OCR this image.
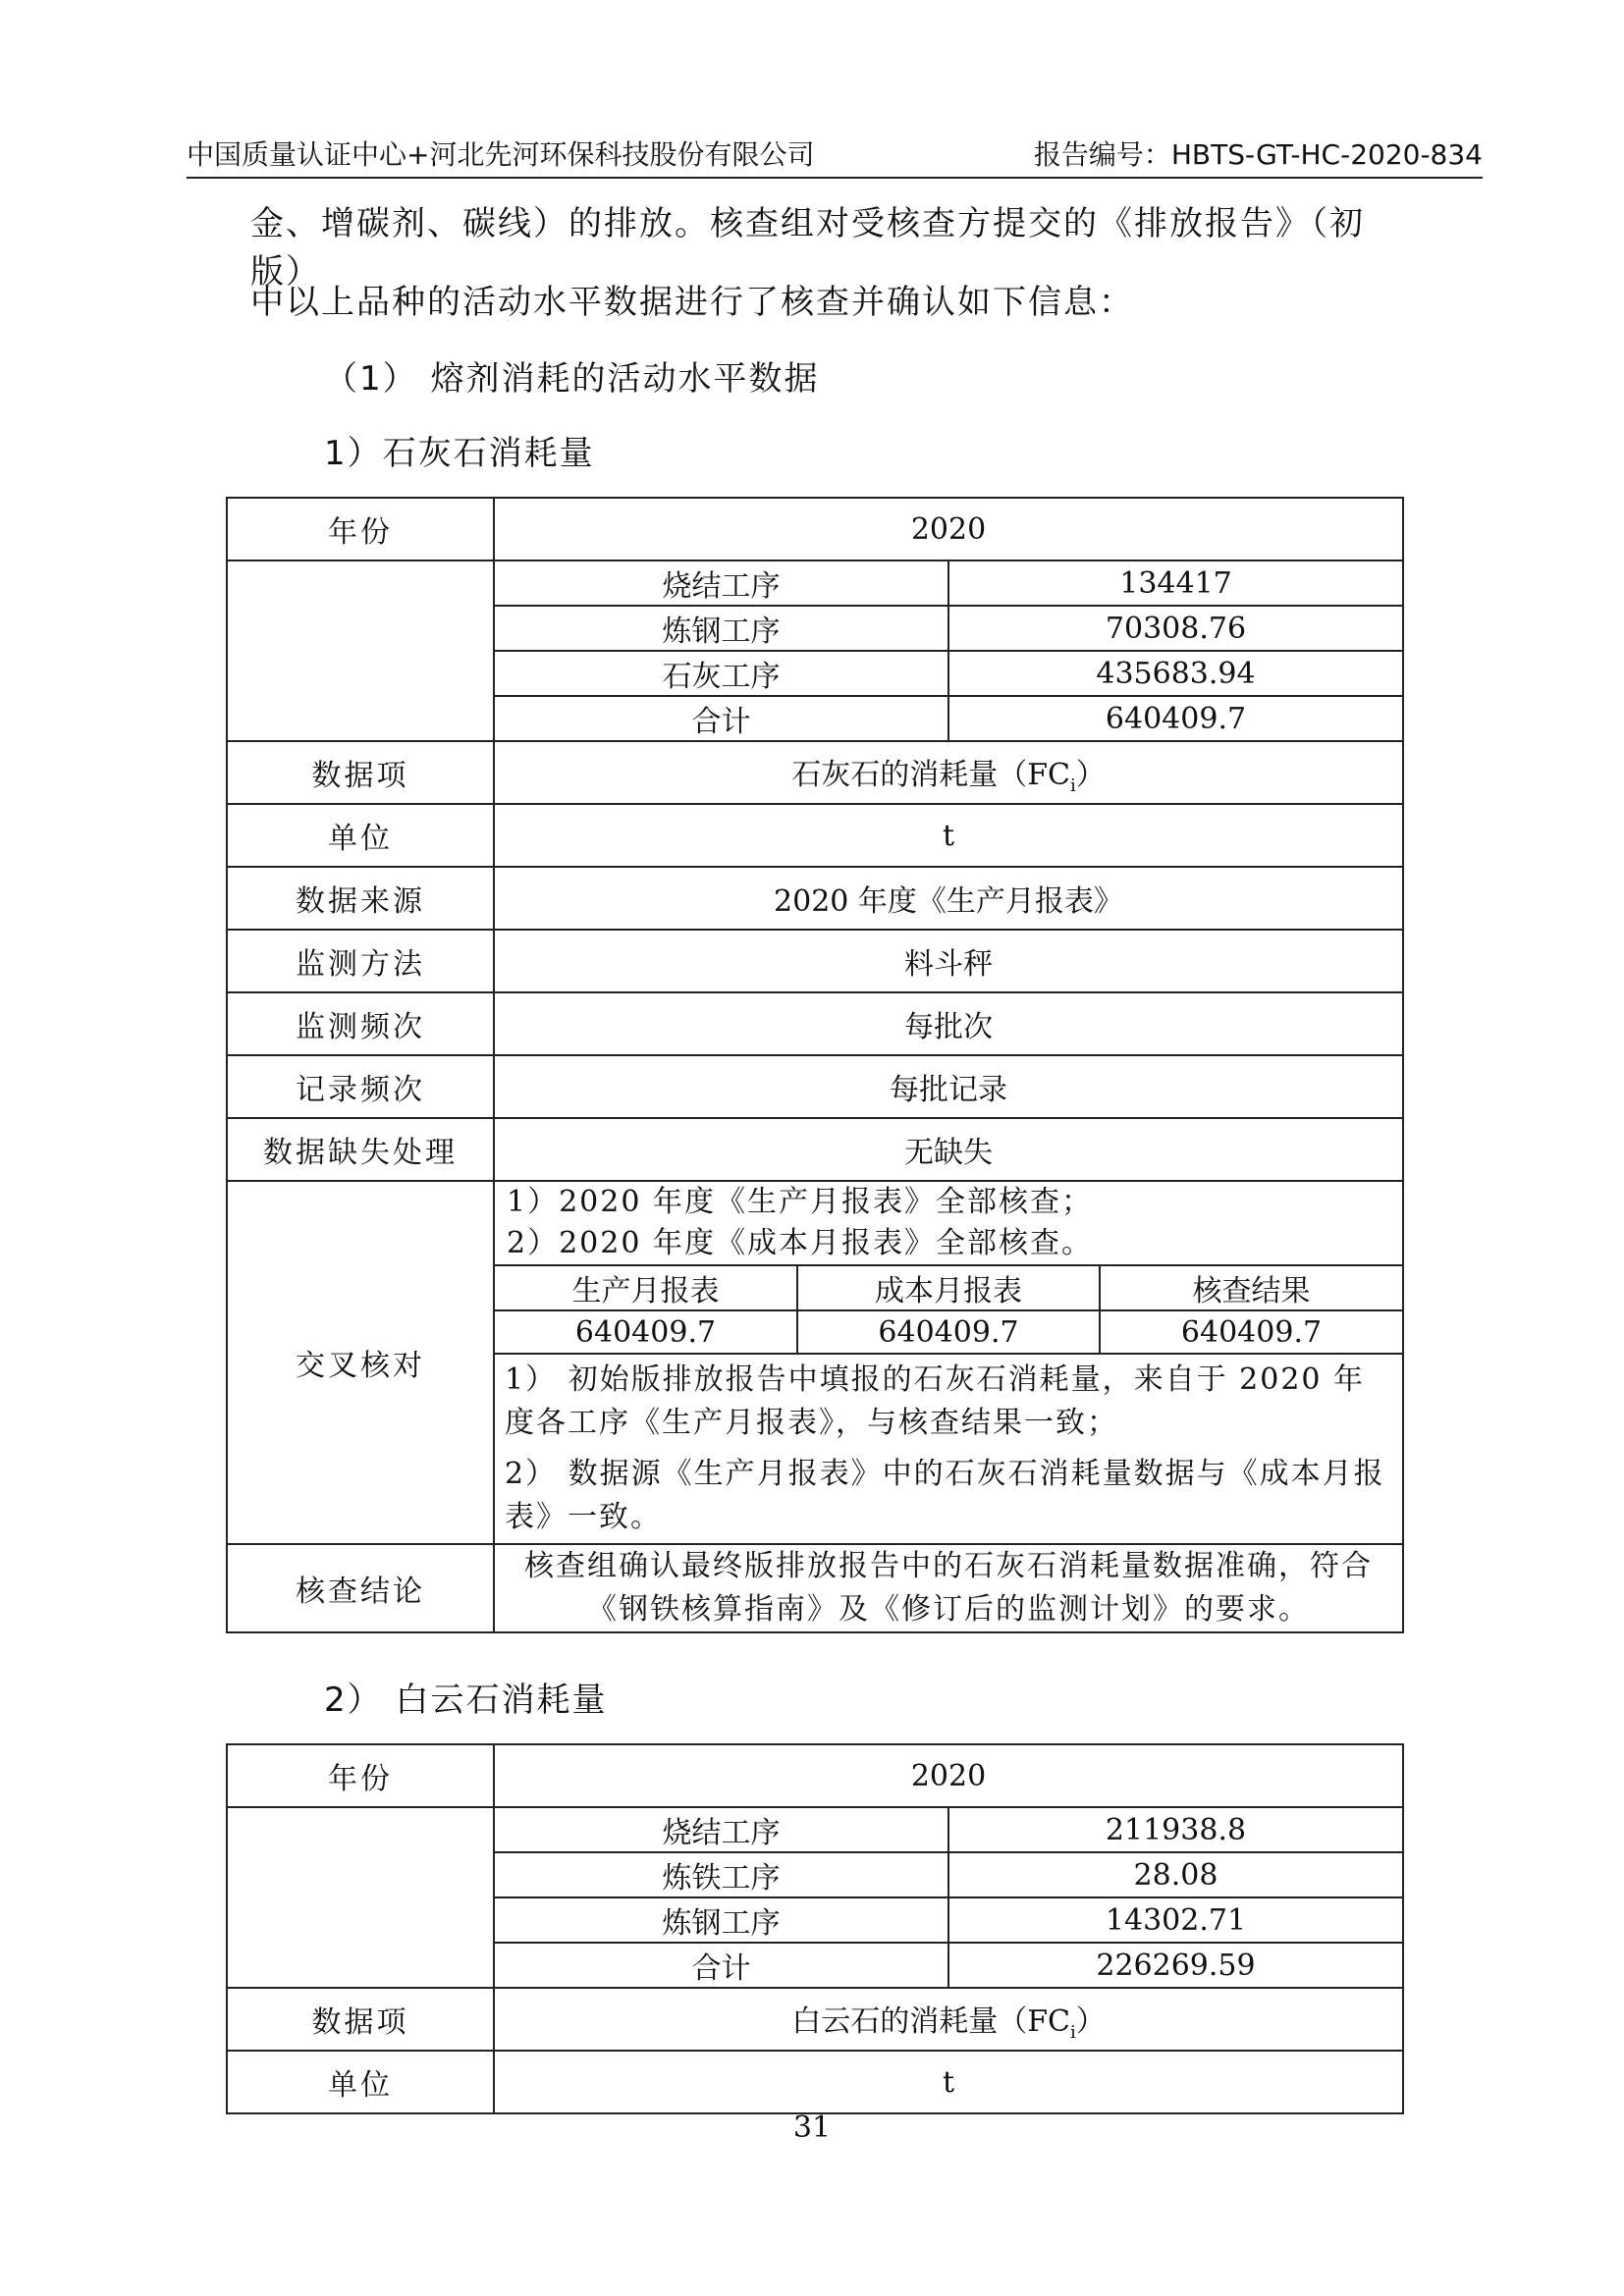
中国质量认证中心+河北先河环保科技股份有限公司	报告编号：HBTS-GT-HC-2020-834
金、增碳剂、碳线）的排放。核查组对受核查方提交的《排放报告》（初版）
中以上品种的活动水平数据进行了核查并确认如下信息：
（1） 熔剂消耗的活动水平数据
1）石灰石消耗量
年份	2020

烧结工序	134417
炼钢工序	70308.76
石灰工序	435683.94
合计	640409.7

数据项	石灰石的消耗量$(FC_i)$
单位	t
数据来源	2020 年度《生产月报表》
监测方法	料斗秤
监测频次	每批次
记录频次	每批记录
数据缺失处理	无缺失
交叉核对	
1）2020 年度《生产月报表》全部核查；
2）2020 年度《成本月报表》全部核查。
生产月报表	成本月报表	核查结果
640409.7	640409.7	640409.7
1） 初始版排放报告中填报的石灰石消耗量，来自于 2020 年度各工序《生产月报表》，与核查结果一致；
2） 数据源《生产月报表》中的石灰石消耗量数据与《成本月报表》一致。

核查结论	核查组确认最终版排放报告中的石灰石消耗量数据准确，符合《钢铁核算指南》及《修订后的监测计划》的要求。
2） 白云石消耗量
年份	2020

烧结工序	211938.8
炼铁工序	28.08
炼钢工序	14302.71
合计	226269.59

数据项	白云石的消耗量$(FC_i)$
单位	t
31
